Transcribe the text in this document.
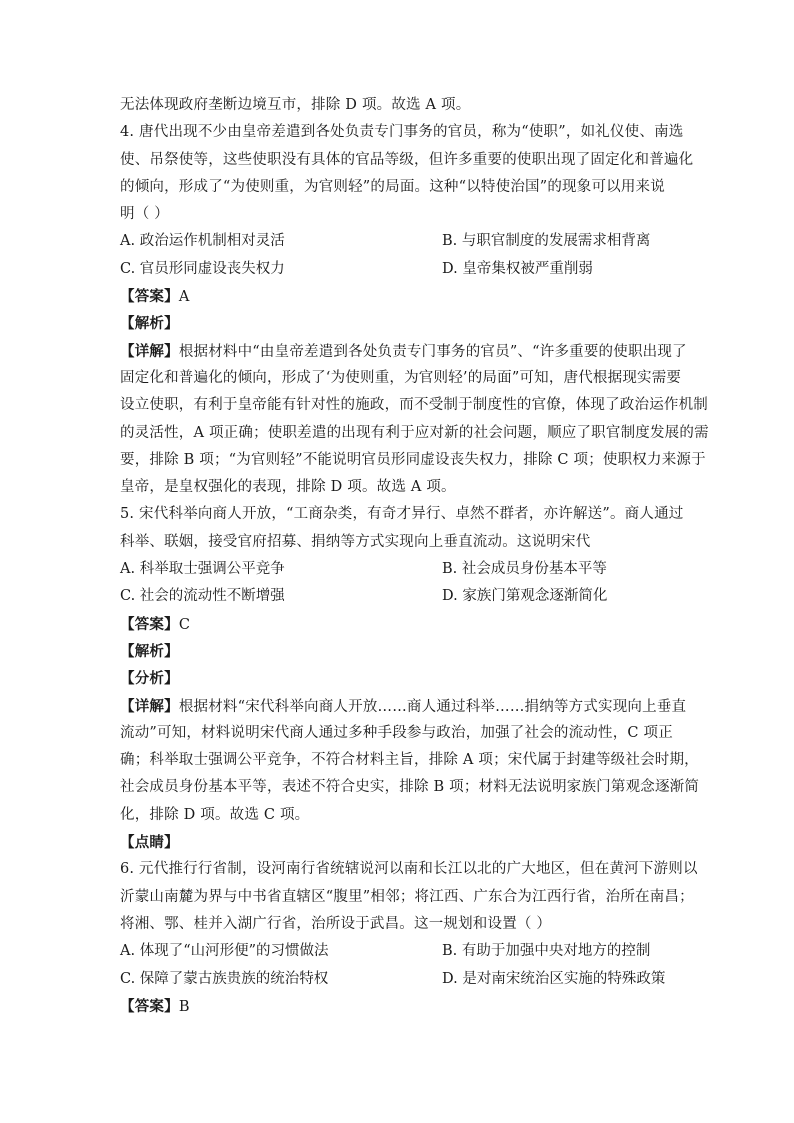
无法体现政府垄断边境互市，排除 D 项。故选 A 项。
4. 唐代出现不少由皇帝差遣到各处负责专门事务的官员，称为“使职”，如礼仪使、南选
使、吊祭使等，这些使职没有具体的官品等级，但许多重要的使职出现了固定化和普遍化
的倾向，形成了“为使则重，为官则轻”的局面。这种“以特使治国”的现象可以用来说
明（ ）
A. 政治运作机制相对灵活	B. 与职官制度的发展需求相背离
C. 官员形同虚设丧失权力	D. 皇帝集权被严重削弱
【答案】A
【解析】
【详解】根据材料中“由皇帝差遣到各处负责专门事务的官员”、“许多重要的使职出现了
固定化和普遍化的倾向，形成了‘为使则重，为官则轻’的局面”可知，唐代根据现实需要
设立使职，有利于皇帝能有针对性的施政，而不受制于制度性的官僚，体现了政治运作机制
的灵活性，A 项正确；使职差遣的出现有利于应对新的社会问题，顺应了职官制度发展的需
要，排除 B 项；“为官则轻”不能说明官员形同虚设丧失权力，排除 C 项；使职权力来源于
皇帝，是皇权强化的表现，排除 D 项。故选 A 项。
5. 宋代科举向商人开放，“工商杂类，有奇才异行、卓然不群者，亦许解送”。商人通过
科举、联姻，接受官府招募、捐纳等方式实现向上垂直流动。这说明宋代
A. 科举取士强调公平竞争	B. 社会成员身份基本平等
C. 社会的流动性不断增强	D. 家族门第观念逐渐简化
【答案】C
【解析】
【分析】
【详解】根据材料“宋代科举向商人开放……商人通过科举……捐纳等方式实现向上垂直
流动”可知，材料说明宋代商人通过多种手段参与政治，加强了社会的流动性，C 项正
确；科举取士强调公平竞争，不符合材料主旨，排除 A 项；宋代属于封建等级社会时期，
社会成员身份基本平等，表述不符合史实，排除 B 项；材料无法说明家族门第观念逐渐简
化，排除 D 项。故选 C 项。
【点睛】
6. 元代推行行省制，设河南行省统辖说河以南和长江以北的广大地区，但在黄河下游则以
沂蒙山南麓为界与中书省直辖区“腹里”相邻；将江西、广东合为江西行省，治所在南昌；
将湘、鄂、桂并入湖广行省，治所设于武昌。这一规划和设置（ ）
A. 体现了“山河形便”的习惯做法	B. 有助于加强中央对地方的控制
C. 保障了蒙古族贵族的统治特权	D. 是对南宋统治区实施的特殊政策
【答案】B
